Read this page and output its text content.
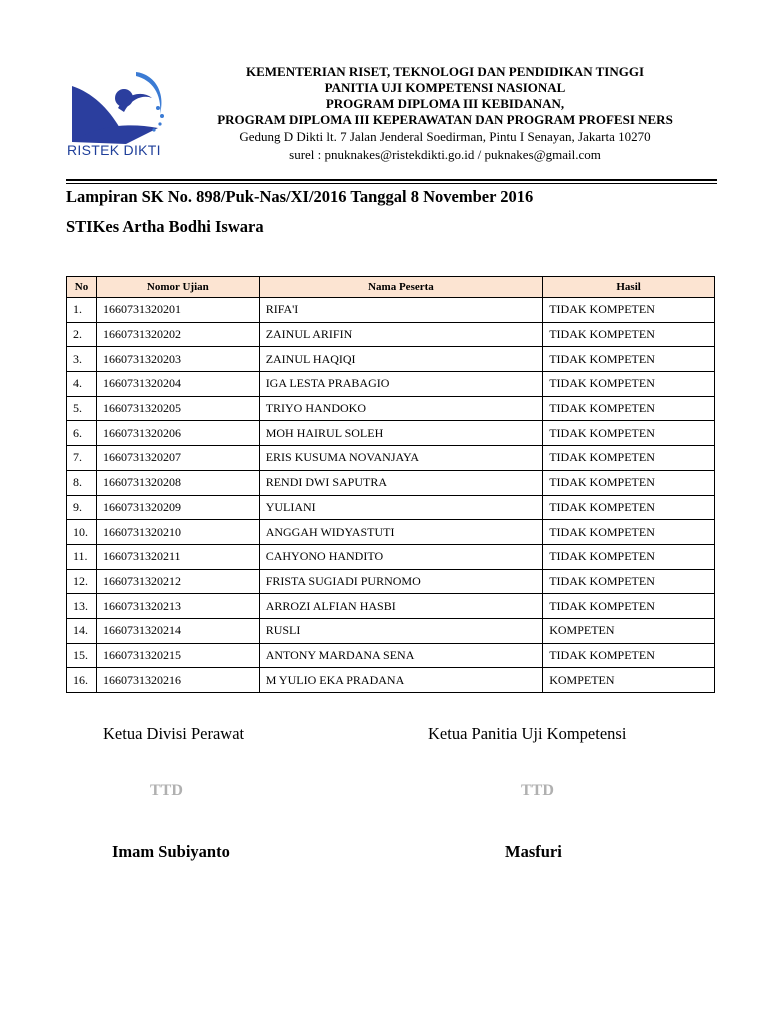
RISTEK DIKTI
KEMENTERIAN RISET, TEKNOLOGI DAN PENDIDIKAN TINGGI
PANITIA UJI KOMPETENSI NASIONAL
PROGRAM DIPLOMA III KEBIDANAN,
PROGRAM DIPLOMA III KEPERAWATAN DAN PROGRAM PROFESI NERS
Gedung D Dikti lt. 7 Jalan Jenderal Soedirman, Pintu I Senayan, Jakarta 10270
surel : pnuknakes@ristekdikti.go.id / puknakes@gmail.com
Lampiran SK No. 898/Puk-Nas/XI/2016 Tanggal 8 November 2016
STIKes Artha Bodhi Iswara
No	Nomor Ujian	Nama Peserta	Hasil
1.	1660731320201	RIFA'I	TIDAK KOMPETEN
2.	1660731320202	ZAINUL ARIFIN	TIDAK KOMPETEN
3.	1660731320203	ZAINUL HAQIQI	TIDAK KOMPETEN
4.	1660731320204	IGA LESTA PRABAGIO	TIDAK KOMPETEN
5.	1660731320205	TRIYO HANDOKO	TIDAK KOMPETEN
6.	1660731320206	MOH HAIRUL SOLEH	TIDAK KOMPETEN
7.	1660731320207	ERIS KUSUMA NOVANJAYA	TIDAK KOMPETEN
8.	1660731320208	RENDI DWI SAPUTRA	TIDAK KOMPETEN
9.	1660731320209	YULIANI	TIDAK KOMPETEN
10.	1660731320210	ANGGAH WIDYASTUTI	TIDAK KOMPETEN
11.	1660731320211	CAHYONO HANDITO	TIDAK KOMPETEN
12.	1660731320212	FRISTA SUGIADI PURNOMO	TIDAK KOMPETEN
13.	1660731320213	ARROZI ALFIAN HASBI	TIDAK KOMPETEN
14.	1660731320214	RUSLI	KOMPETEN
15.	1660731320215	ANTONY MARDANA SENA	TIDAK KOMPETEN
16.	1660731320216	M YULIO EKA PRADANA	KOMPETEN
Ketua Divisi Perawat	Ketua Panitia Uji Kompetensi
TTD	TTD
Imam Subiyanto	Masfuri
